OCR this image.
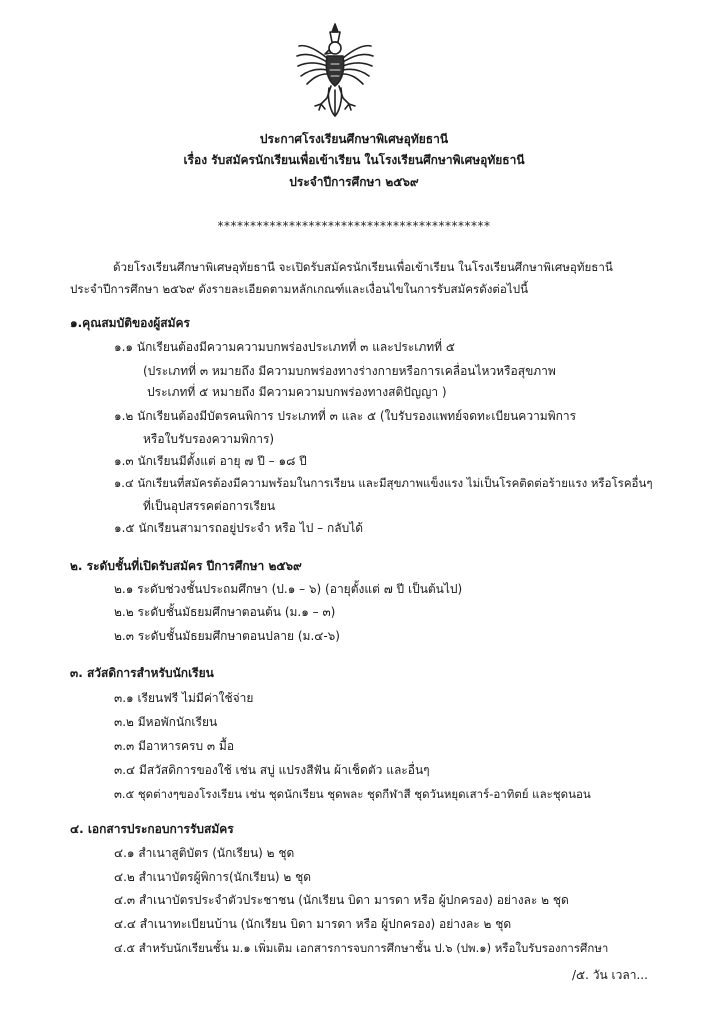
ประกาศโรงเรียนศึกษาพิเศษอุทัยธานี
เรื่อง รับสมัครนักเรียนเพื่อเข้าเรียน ในโรงเรียนศึกษาพิเศษอุทัยธานี
ประจำปีการศึกษา ๒๕๖๙
******************************************
ด้วยโรงเรียนศึกษาพิเศษอุทัยธานี จะเปิดรับสมัครนักเรียนเพื่อเข้าเรียน ในโรงเรียนศึกษาพิเศษอุทัยธานี
ประจำปีการศึกษา ๒๕๖๙ ดังรายละเอียดตามหลักเกณฑ์และเงื่อนไขในการรับสมัครดังต่อไปนี้
๑.คุณสมบัติของผู้สมัคร
๑.๑ นักเรียนต้องมีความความบกพร่องประเภทที่ ๓ และประเภทที่ ๕
(ประเภทที่ ๓ หมายถึง มีความบกพร่องทางร่างกายหรือการเคลื่อนไหวหรือสุขภาพ
ประเภทที่ ๕ หมายถึง มีความความบกพร่องทางสติปัญญา )
๑.๒ นักเรียนต้องมีบัตรคนพิการ ประเภทที่ ๓ และ ๕ (ใบรับรองแพทย์จดทะเบียนความพิการ
หรือใบรับรองความพิการ)
๑.๓ นักเรียนมีตั้งแต่ อายุ ๗ ปี – ๑๘ ปี
๑.๔ นักเรียนที่สมัครต้องมีความพร้อมในการเรียน และมีสุขภาพแข็งแรง ไม่เป็นโรคติดต่อร้ายแรง หรือโรคอื่นๆ
ที่เป็นอุปสรรคต่อการเรียน
๑.๕ นักเรียนสามารถอยู่ประจำ หรือ ไป – กลับได้
๒. ระดับชั้นที่เปิดรับสมัคร ปีการศึกษา ๒๕๖๙
๒.๑ ระดับช่วงชั้นประถมศึกษา (ป.๑ – ๖) (อายุตั้งแต่ ๗ ปี เป็นต้นไป)
๒.๒ ระดับชั้นมัธยมศึกษาตอนต้น (ม.๑ – ๓)
๒.๓ ระดับชั้นมัธยมศึกษาตอนปลาย (ม.๔-๖)
๓. สวัสดิการสำหรับนักเรียน
๓.๑ เรียนฟรี ไม่มีค่าใช้จ่าย
๓.๒ มีหอพักนักเรียน
๓.๓ มีอาหารครบ ๓ มื้อ
๓.๔ มีสวัสดิการของใช้ เช่น สบู่ แปรงสีฟัน ผ้าเช็ดตัว และอื่นๆ
๓.๕ ชุดต่างๆของโรงเรียน เช่น ชุดนักเรียน ชุดพละ ชุดกีฬาสี ชุดวันหยุดเสาร์-อาทิตย์ และชุดนอน
๔. เอกสารประกอบการรับสมัคร
๔.๑ สำเนาสูติบัตร (นักเรียน) ๒ ชุด
๔.๒ สำเนาบัตรผู้พิการ(นักเรียน) ๒ ชุด
๔.๓ สำเนาบัตรประจำตัวประชาชน (นักเรียน บิดา มารดา หรือ ผู้ปกครอง) อย่างละ ๒ ชุด
๔.๔ สำเนาทะเบียนบ้าน (นักเรียน บิดา มารดา หรือ ผู้ปกครอง) อย่างละ ๒ ชุด
๔.๕ สำหรับนักเรียนชั้น ม.๑ เพิ่มเติม เอกสารการจบการศึกษาชั้น ป.๖ (ปพ.๑) หรือใบรับรองการศึกษา
/๕. วัน เวลา...
